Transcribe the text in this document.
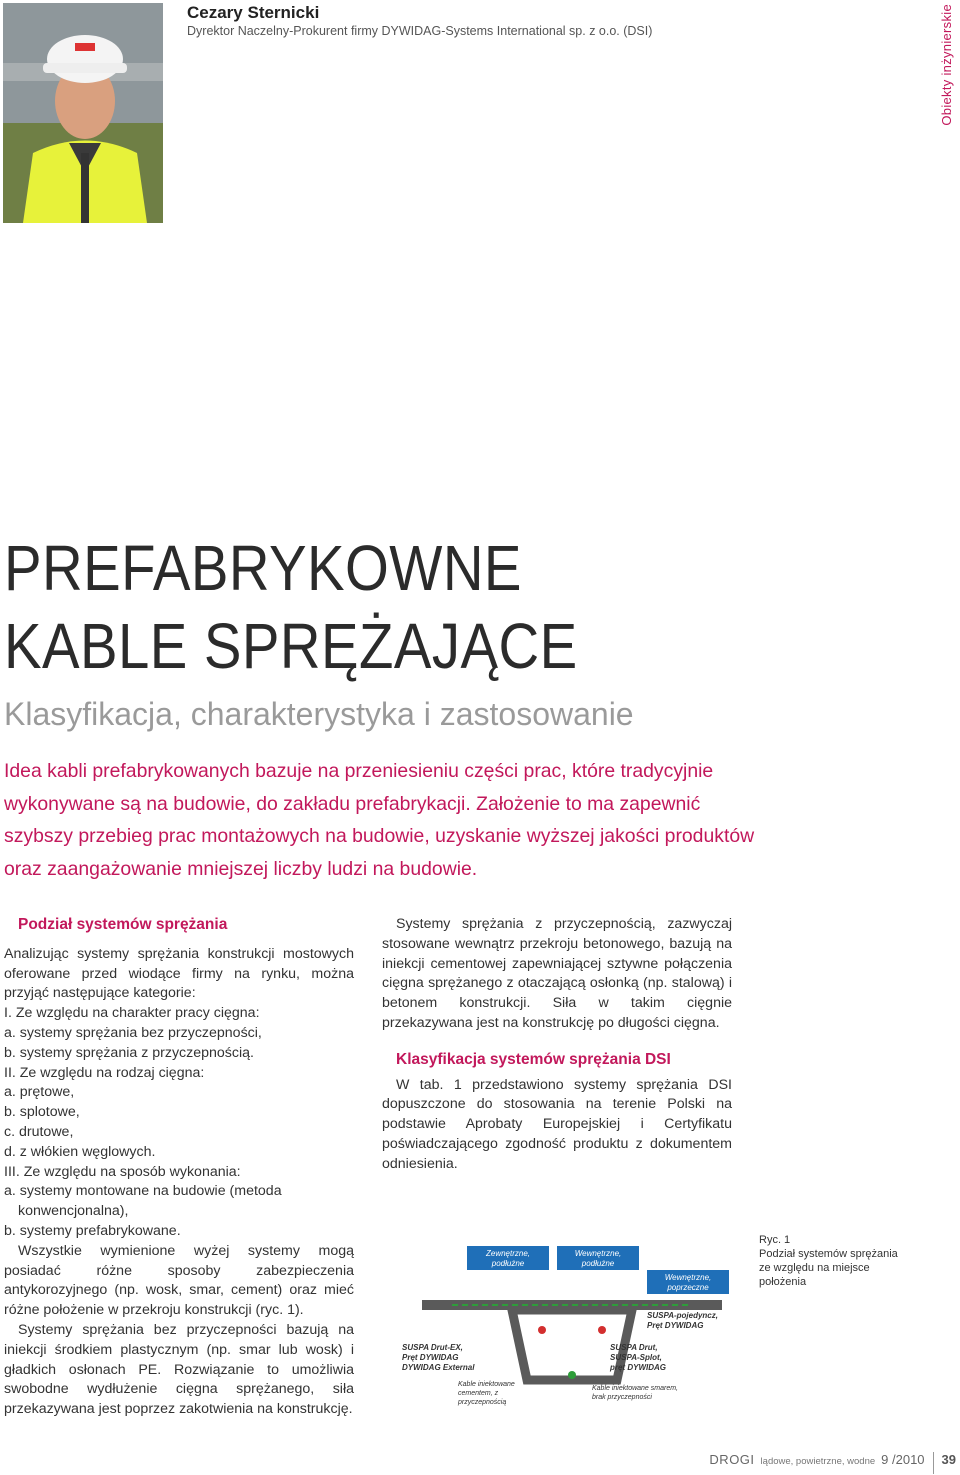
Cezary Sternicki
Dyrektor Naczelny-Prokurent firmy DYWIDAG-Systems International sp. z o.o. (DSI)	Obiekty inżynierskie
PREFABRYKOWNE
KABLE SPRĘŻAJĄCE
Klasyfikacja, charakterystyka i zastosowanie
Idea kabli prefabrykowanych bazuje na przeniesieniu części prac, które tradycyjnie wykonywane są na budowie, do zakładu prefabrykacji. Założenie to ma zapewnić szybszy przebieg prac montażowych na budowie, uzyskanie wyższej jakości produktów oraz zaangażowanie mniejszej liczby ludzi na budowie.
Podział systemów sprężania

Analizując systemy sprężania konstrukcji mostowych oferowane przed wiodące firmy na rynku, można przyjąć następujące kategorie:

I. Ze względu na charakter pracy cięgna:
a. systemy sprężania bez przyczepności,
b. systemy sprężania z przyczepnością.
II. Ze względu na rodzaj cięgna:
a. prętowe,
b. splotowe,
c. drutowe,
d. z włókien węglowych.
III. Ze względu na sposób wykonania:
a. systemy montowane na budowie (metoda konwencjonalna),
b. systemy prefabrykowane.

Wszystkie wymienione wyżej systemy mogą posiadać różne sposoby zabezpieczenia antykorozyjnego (np. wosk, smar, cement) oraz mieć różne położenie w przekroju konstrukcji (ryc. 1).

Systemy sprężania bez przyczepności bazują na iniekcji środkiem plastycznym (np. smar lub wosk) i gładkich osłonach PE. Rozwiązanie to umożliwia swobodne wydłużenie cięgna sprężanego, siła przekazywana jest poprzez zakotwienia na konstrukcję.

Systemy sprężania z przyczepnością, zazwyczaj stosowane wewnątrz przekroju betonowego, bazują na iniekcji cementowej zapewniającej sztywne połączenia cięgna sprężanego z otaczającą osłonką (np. stalową) i betonem konstrukcji. Siła w takim cięgnie przekazywana jest na konstrukcję po długości cięgna.

Klasyfikacja systemów sprężania DSI

W tab. 1 przedstawiono systemy sprężania DSI dopuszczone do stosowania na terenie Polski na podstawie Aprobaty Europejskiej i Certyfikatu poświadczającego zgodność produktu z dokumentem odniesienia.

Zewnętrzne,
podłużne
Wewnętrzne,
podłużne
Wewnętrzne,
poprzeczne
SUSPA-pojedyncz,
Pręt DYWIDAG
SUSPA Drut-EX,
Pręt DYWIDAG
DYWIDAG External
SUSPA Drut,
SUSPA-Splot,
pręt DYWIDAG
Kable iniektowane
cementem, z
przyczepnością
Kable iniektowane smarem,
brak przyczepności
Ryc. 1
Podział systemów sprężania ze względu na miejsce położenia
DROGI lądowe, powietrzne, wodne 9 /2010 39
